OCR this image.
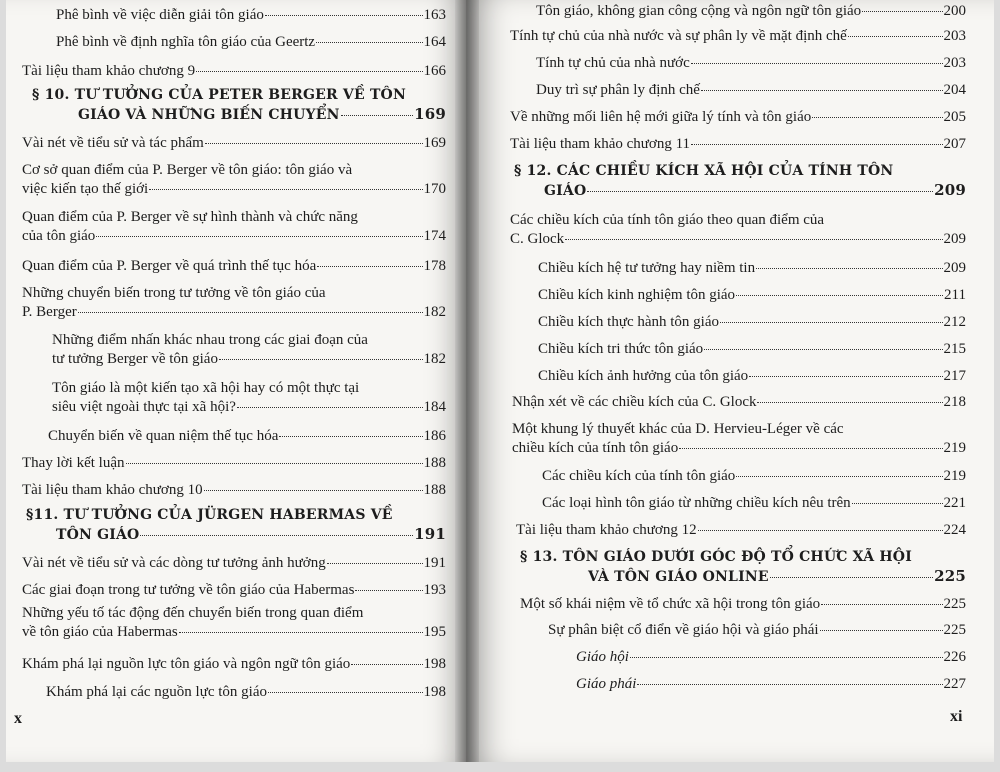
Phê bình về việc diễn giải tôn giáo	163
Phê bình về định nghĩa tôn giáo của Geertz	164
Tài liệu tham khảo chương 9	166
§ 10. TƯ TƯỞNG CỦA PETER BERGER VỀ TÔN
GIÁO VÀ NHỮNG BIẾN CHUYỂN	169
Vài nét về tiểu sử và tác phẩm	169
Cơ sở quan điểm của P. Berger về tôn giáo: tôn giáo và
việc kiến tạo thế giới	170
Quan điểm của P. Berger về sự hình thành và chức năng
của tôn giáo	174
Quan điểm của P. Berger về quá trình thế tục hóa	178
Những chuyển biến trong tư tưởng về tôn giáo của
P. Berger	182
Những điểm nhấn khác nhau trong các giai đoạn của
tư tưởng Berger về tôn giáo	182
Tôn giáo là một kiến tạo xã hội hay có một thực tại
siêu việt ngoài thực tại xã hội?	184
Chuyển biến về quan niệm thế tục hóa	186
Thay lời kết luận	188
Tài liệu tham khảo chương 10	188
§11. TƯ TƯỞNG CỦA JÜRGEN HABERMAS VỀ
TÔN GIÁO	191
Vài nét về tiểu sử và các dòng tư tưởng ảnh hưởng	191
Các giai đoạn trong tư tưởng về tôn giáo của Habermas	193
Những yếu tố tác động đến chuyển biến trong quan điểm
về tôn giáo của Habermas	195
Khám phá lại nguồn lực tôn giáo và ngôn ngữ tôn giáo	198
Khám phá lại các nguồn lực tôn giáo	198
x
Tôn giáo, không gian công cộng và ngôn ngữ tôn giáo	200
Tính tự chủ của nhà nước và sự phân ly về mặt định chế	203
Tính tự chủ của nhà nước	203
Duy trì sự phân ly định chế	204
Về những mối liên hệ mới giữa lý tính và tôn giáo	205
Tài liệu tham khảo chương 11	207
§ 12. CÁC CHIỀU KÍCH XÃ HỘI CỦA TÍNH TÔN
GIÁO	209
Các chiều kích của tính tôn giáo theo quan điểm của
C. Glock	209
Chiều kích hệ tư tưởng hay niềm tin	209
Chiều kích kinh nghiệm tôn giáo	211
Chiều kích thực hành tôn giáo	212
Chiều kích tri thức tôn giáo	215
Chiều kích ảnh hưởng của tôn giáo	217
Nhận xét về các chiều kích của C. Glock	218
Một khung lý thuyết khác của D. Hervieu-Léger về các
chiều kích của tính tôn giáo	219
Các chiều kích của tính tôn giáo	219
Các loại hình tôn giáo từ những chiều kích nêu trên	221
Tài liệu tham khảo chương 12	224
§ 13. TÔN GIÁO DƯỚI GÓC ĐỘ TỔ CHỨC XÃ HỘI
VÀ TÔN GIÁO ONLINE	225
Một số khái niệm về tổ chức xã hội trong tôn giáo	225
Sự phân biệt cổ điển về giáo hội và giáo phái	225
Giáo hội	226
Giáo phái	227
xi
